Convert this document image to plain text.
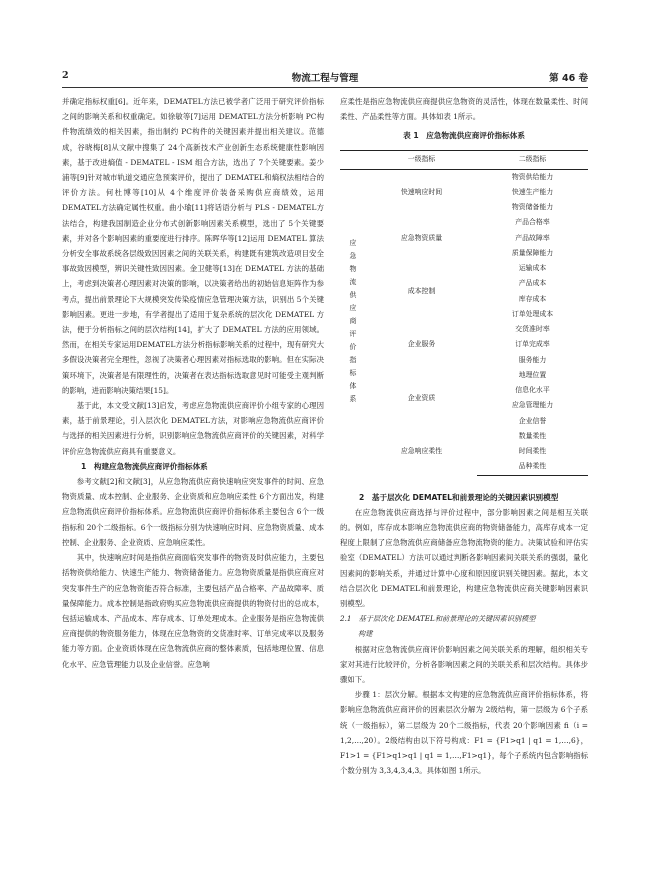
2	物流工程与管理	第 46 卷

并确定指标权重[6]。近年来，DEMATEL方法已被学者广泛用于研究评价指标之间的影响关系和权重确定。如徐敏等[7]运用 DEMATEL方法分析影响 PC构件物流绩效的相关因素，指出制约 PC构件的关键因素并提出相关建议。范德成，谷晓梅[8]从文献中搜集了 24个高新技术产业创新生态系统健康性影响因素，基于改进熵值 - DEMATEL - ISM 组合方法，选出了 7个关键要素。姜少浦等[9]针对城市轨道交通应急预案评价，提出了 DEMATEL和熵权法相结合的评价方法。何杜博等[10]从 4个维度评价装备采购供应商绩效，运用 DEMATEL方法确定属性权重。曲小瑜[11]将话语分析与 PLS - DEMATEL方法结合，构建我国制造企业分布式创新影响因素关系模型，选出了 5个关键要素，并对各个影响因素的重要度进行排序。陈晖华等[12]运用 DEMATEL 算法分析安全事故系统各层级致因因素之间的关联关系，构建既有建筑改造项目安全事故致因模型，辨识关键性致因因素。金卫健等[13]在 DEMATEL 方法的基础上，考虑到决策者心理因素对决策的影响，以决策者给出的初始信息矩阵作为参考点，提出前景理论下大规模突发传染疫情应急管理决策方法，识别出 5个关键影响因素。更进一步地，有学者提出了适用于复杂系统的层次化 DEMATEL 方法，便于分析指标之间的层次结构[14]，扩大了 DEMATEL 方法的应用领域。然而，在相关专家运用DEMATEL方法分析指标影响关系的过程中，现有研究大多假设决策者完全理性，忽视了决策者心理因素对指标选取的影响。但在实际决策环境下，决策者是有限理性的，决策者在表达指标选取意见时可能受主观判断的影响，进而影响决策结果[15]。

基于此，本文受文献[13]启发，考虑应急物流供应商评价小组专家的心理因素，基于前景理论，引入层次化 DEMATEL方法，对影响应急物流供应商评价与选择的相关因素进行分析，识别影响应急物流供应商评价的关键因素，对科学评价应急物流供应商具有重要意义。

1　构建应急物流供应商评价指标体系

参考文献[2]和文献[3]，从应急物流供应商快速响应突发事件的时间、应急物资质量、成本控制、企业服务、企业资质和应急响应柔性 6个方面出发，构建应急物流供应商评价指标体系。应急物流供应商评价指标体系主要包含 6个一级指标和 20个二级指标。6个一级指标分别为快速响应时间、应急物资质量、成本控制、企业服务、企业资质、应急响应柔性。

其中，快速响应时间是指供应商面临突发事件的物资及时供应能力，主要包括物资供给能力、快速生产能力、物资储备能力。应急物资质量是指供应商应对突发事件生产的应急物资能否符合标准，主要包括产品合格率、产品故障率、质量保障能力。成本控制是指政府购买应急物流供应商提供的物资付出的总成本，包括运输成本、产品成本、库存成本、订单处理成本。企业服务是指应急物流供应商提供的物资服务能力，体现在应急物资的交货准时率、订单完成率以及服务能力等方面。企业资质体现在应急物流供应商的整体素质，包括地理位置、信息化水平、应急管理能力以及企业信誉。应急响

应柔性是指应急物流供应商提供应急物资的灵活性，体现在数量柔性、时间柔性、产品柔性等方面。具体如表 1所示。

表 1　应急物流供应商评价指标体系
	一级指标	二级指标
应急物流供应商评价指标体系	快速响应时间	物资供给能力
		快速生产能力
		物资储备能力
	应急物资质量	产品合格率
		产品故障率
		质量保障能力
	成本控制	运输成本
		产品成本
		库存成本
		订单处理成本
	企业服务	交货准时率
		订单完成率
		服务能力
	企业资质	地理位置
		信息化水平
		应急管理能力
		企业信誉
	应急响应柔性	数量柔性
		时间柔性
		品种柔性

2　基于层次化 DEMATEL和前景理论的关键因素识别模型

在应急物流供应商选择与评价过程中，部分影响因素之间是相互关联的。例如，库存成本影响应急物流供应商的物资储备能力，高库存成本一定程度上限制了应急物流供应商储备应急物流物资的能力。决策试验和评估实验室（DEMATEL）方法可以通过判断各影响因素间关联关系的强弱，量化因素间的影响关系，并通过计算中心度和原因度识别关键因素。据此，本文结合层次化 DEMATEL和前景理论，构建应急物流供应商关键影响因素识别模型。

2.1　基于层次化 DEMATEL和前景理论的关键因素识别模型
构建

根据对应急物流供应商评价影响因素之间关联关系的理解，组织相关专家对其进行比较评价，分析各影响因素之间的关联关系和层次结构。具体步骤如下。

步骤 1：层次分解。根据本文构建的应急物流供应商评价指标体系，将影响应急物流供应商评价的因素层次分解为 2级结构，第一层级为 6个子系统（一级指标），第二层级为 20个二级指标，代表 20个影响因素 fi（i = 1,2,…,20）。2级结构由以下符号构成：F1 = {F1>q1 | q1 = 1,…,6}，F1>1 = {F1>q1>q1 | q1 = 1,…,F1>q1}，每个子系统内包含影响指标个数分别为 3,3,4,3,4,3。具体如图 1所示。
